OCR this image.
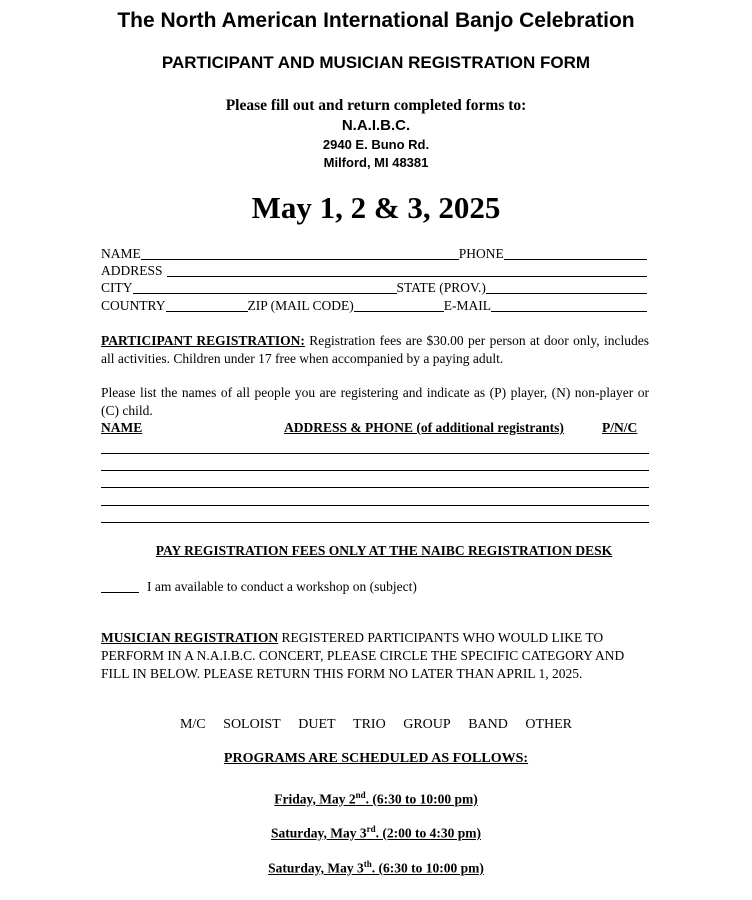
The North American International Banjo Celebration
PARTICIPANT AND MUSICIAN REGISTRATION FORM
Please fill out and return completed forms to:
N.A.I.B.C.
2940 E. Buno Rd.
Milford, MI 48381
May 1, 2 & 3, 2025
NAME	PHONE
ADDRESS
CITY	STATE (PROV.)
COUNTRY	ZIP (MAIL CODE)	E-MAIL
PARTICIPANT REGISTRATION: Registration fees are $30.00 per person at door only, includes all activities. Children under 17 free when accompanied by a paying adult.
Please list the names of all people you are registering and indicate as (P) player, (N) non-player or (C) child.
NAME	ADDRESS & PHONE (of additional registrants)	P/N/C
PAY REGISTRATION FEES ONLY AT THE NAIBC REGISTRATION DESK
I am available to conduct a workshop on (subject)
MUSICIAN REGISTRATION REGISTERED PARTICIPANTS WHO WOULD LIKE TO PERFORM IN A N.A.I.B.C. CONCERT, PLEASE CIRCLE THE SPECIFIC CATEGORY AND FILL IN BELOW. PLEASE RETURN THIS FORM NO LATER THAN APRIL 1, 2025.
M/C SOLOIST DUET TRIO GROUP BAND OTHER
PROGRAMS ARE SCHEDULED AS FOLLOWS:
Friday, May 2nd. (6:30 to 10:00 pm)
Saturday, May 3rd. (2:00 to 4:30 pm)
Saturday, May 3th. (6:30 to 10:00 pm)
